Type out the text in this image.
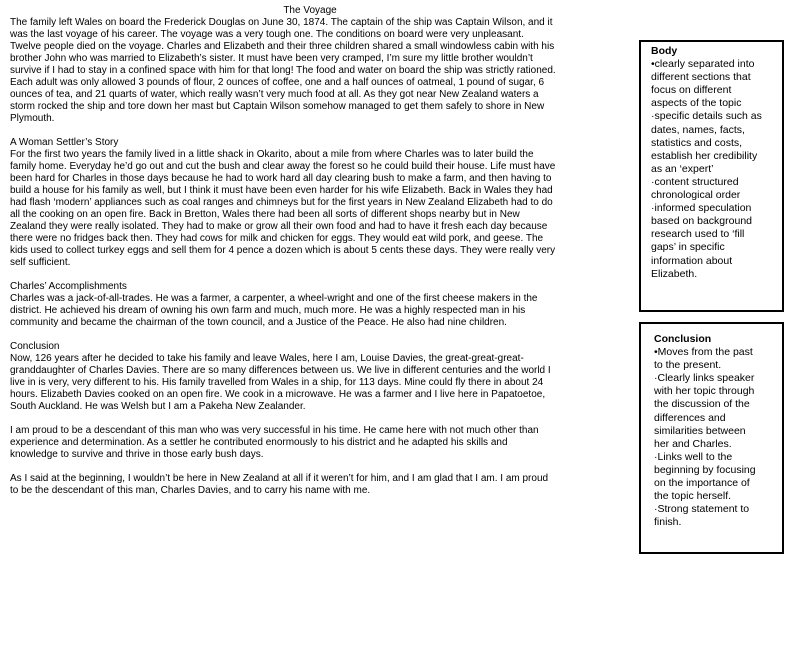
The Voyage

The family left Wales on board the Frederick Douglas on June 30, 1874. The captain of the ship was Captain Wilson, and it
was the last voyage of his career. The voyage was a very tough one. The conditions on board were very unpleasant.
Twelve people died on the voyage. Charles and Elizabeth and their three children shared a small windowless cabin with his
brother John who was married to Elizabeth’s sister. It must have been very cramped, I’m sure my little brother wouldn’t
survive if I had to stay in a confined space with him for that long! The food and water on board the ship was strictly rationed.
Each adult was only allowed 3 pounds of flour, 2 ounces of coffee, one and a half ounces of oatmeal, 1 pound of sugar, 6
ounces of tea, and 21 quarts of water, which really wasn’t very much food at all. As they got near New Zealand waters a
storm rocked the ship and tore down her mast but Captain Wilson somehow managed to get them safely to shore in New
Plymouth.

A Woman Settler’s Story

For the first two years the family lived in a little shack in Okarito, about a mile from where Charles was to later build the
family home. Everyday he’d go out and cut the bush and clear away the forest so he could build their house. Life must have
been hard for Charles in those days because he had to work hard all day clearing bush to make a farm, and then having to
build a house for his family as well, but I think it must have been even harder for his wife Elizabeth. Back in Wales they had
had flash ‘modern’ appliances such as coal ranges and chimneys but for the first years in New Zealand Elizabeth had to do
all the cooking on an open fire. Back in Bretton, Wales there had been all sorts of different shops nearby but in New
Zealand they were really isolated. They had to make or grow all their own food and had to have it fresh each day because
there were no fridges back then. They had cows for milk and chicken for eggs. They would eat wild pork, and geese. The
kids used to collect turkey eggs and sell them for 4 pence a dozen which is about 5 cents these days. They were really very
self sufficient.

Charles’ Accomplishments

Charles was a jack-of-all-trades. He was a farmer, a carpenter, a wheel-wright and one of the first cheese makers in the
district. He achieved his dream of owning his own farm and much, much more. He was a highly respected man in his
community and became the chairman of the town council, and a Justice of the Peace. He also had nine children.

Conclusion

Now, 126 years after he decided to take his family and leave Wales, here I am, Louise Davies, the great-great-great-
granddaughter of Charles Davies. There are so many differences between us. We live in different centuries and the world I
live in is very, very different to his. His family travelled from Wales in a ship, for 113 days. Mine could fly there in about 24
hours. Elizabeth Davies cooked on an open fire. We cook in a microwave. He was a farmer and I live here in Papatoetoe,
South Auckland. He was Welsh but I am a Pakeha New Zealander.

I am proud to be a descendant of this man who was very successful in his time. He came here with not much other than
experience and determination. As a settler he contributed enormously to his district and he adapted his skills and
knowledge to survive and thrive in those early bush days.

As I said at the beginning, I wouldn’t be here in New Zealand at all if it weren’t for him, and I am glad that I am. I am proud
to be the descendant of this man, Charles Davies, and to carry his name with me.

Body
•clearly separated into
different sections that
focus on different
aspects of the topic
·specific details such as
dates, names, facts,
statistics and costs,
establish her credibility
as an ‘expert’
·content structured
chronological order
·informed speculation
based on background
research used to ‘fill
gaps’ in specific
information about
Elizabeth.
Conclusion
•Moves from the past
to the present.
·Clearly links speaker
with her topic through
the discussion of the
differences and
similarities between
her and Charles.
·Links well to the
beginning by focusing
on the importance of
the topic herself.
·Strong statement to
finish.
